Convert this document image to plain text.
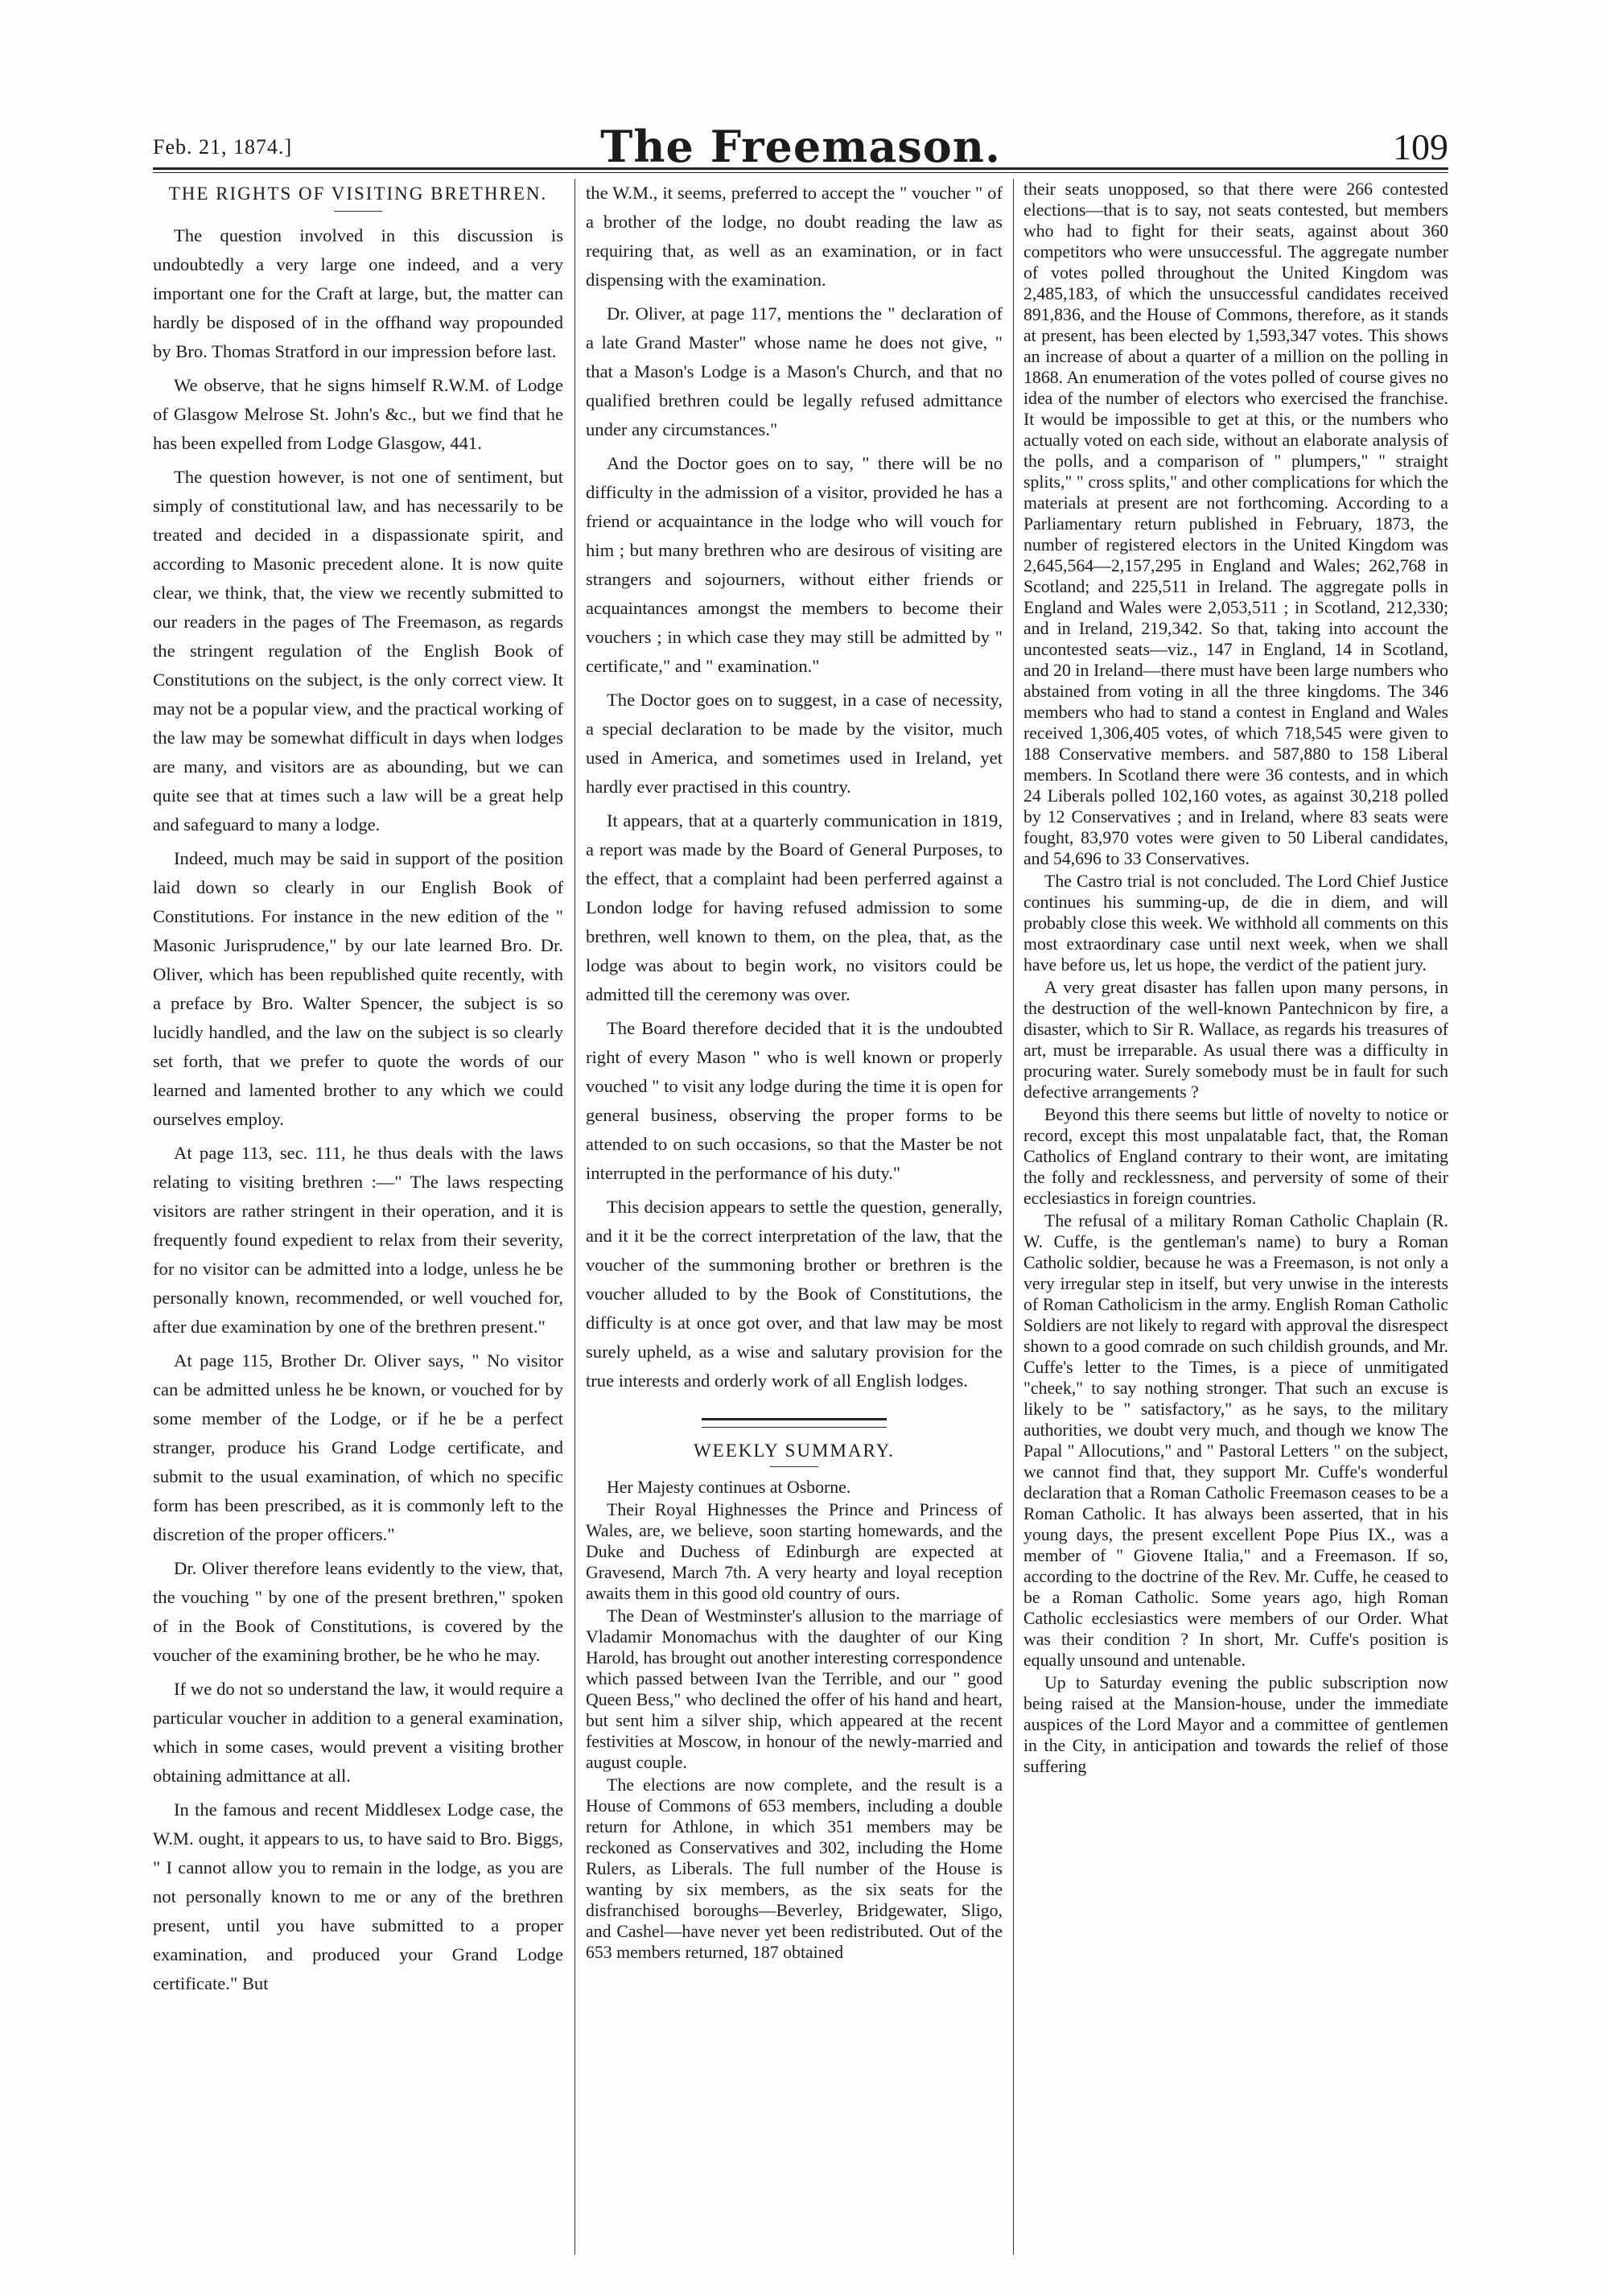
Feb. 21, 1874.]	The Freemason.	109
THE RIGHTS OF VISITING BRETHREN.

The question involved in this discussion is undoubtedly a very large one indeed, and a very important one for the Craft at large, but, the matter can hardly be disposed of in the offhand way propounded by Bro. Thomas Stratford in our impression before last.

We observe, that he signs himself R.W.M. of Lodge of Glasgow Melrose St. John's &c., but we find that he has been expelled from Lodge Glasgow, 441.

The question however, is not one of sentiment, but simply of constitutional law, and has necessarily to be treated and decided in a dispassionate spirit, and according to Masonic precedent alone. It is now quite clear, we think, that, the view we recently submitted to our readers in the pages of The Freemason, as regards the stringent regulation of the English Book of Constitutions on the subject, is the only correct view. It may not be a popular view, and the practical working of the law may be somewhat difficult in days when lodges are many, and visitors are as abounding, but we can quite see that at times such a law will be a great help and safeguard to many a lodge.

Indeed, much may be said in support of the position laid down so clearly in our English Book of Constitutions. For instance in the new edition of the " Masonic Jurisprudence," by our late learned Bro. Dr. Oliver, which has been republished quite recently, with a preface by Bro. Walter Spencer, the subject is so lucidly handled, and the law on the subject is so clearly set forth, that we prefer to quote the words of our learned and lamented brother to any which we could ourselves employ.

At page 113, sec. 111, he thus deals with the laws relating to visiting brethren :—" The laws respecting visitors are rather stringent in their operation, and it is frequently found expedient to relax from their severity, for no visitor can be admitted into a lodge, unless he be personally known, recommended, or well vouched for, after due examination by one of the brethren present."

At page 115, Brother Dr. Oliver says, " No visitor can be admitted unless he be known, or vouched for by some member of the Lodge, or if he be a perfect stranger, produce his Grand Lodge certificate, and submit to the usual examination, of which no specific form has been prescribed, as it is commonly left to the discretion of the proper officers."

Dr. Oliver therefore leans evidently to the view, that, the vouching " by one of the present brethren," spoken of in the Book of Constitutions, is covered by the voucher of the examining brother, be he who he may.

If we do not so understand the law, it would require a particular voucher in addition to a general examination, which in some cases, would prevent a visiting brother obtaining admittance at all.

In the famous and recent Middlesex Lodge case, the W.M. ought, it appears to us, to have said to Bro. Biggs, " I cannot allow you to remain in the lodge, as you are not personally known to me or any of the brethren present, until you have submitted to a proper examination, and produced your Grand Lodge certificate." But

the W.M., it seems, preferred to accept the " voucher " of a brother of the lodge, no doubt reading the law as requiring that, as well as an examination, or in fact dispensing with the examination.

Dr. Oliver, at page 117, mentions the " declaration of a late Grand Master" whose name he does not give, " that a Mason's Lodge is a Mason's Church, and that no qualified brethren could be legally refused admittance under any circumstances."

And the Doctor goes on to say, " there will be no difficulty in the admission of a visitor, provided he has a friend or acquaintance in the lodge who will vouch for him ; but many brethren who are desirous of visiting are strangers and sojourners, without either friends or acquaintances amongst the members to become their vouchers ; in which case they may still be admitted by " certificate," and " examination."

The Doctor goes on to suggest, in a case of necessity, a special declaration to be made by the visitor, much used in America, and sometimes used in Ireland, yet hardly ever practised in this country.

It appears, that at a quarterly communication in 1819, a report was made by the Board of General Purposes, to the effect, that a complaint had been perferred against a London lodge for having refused admission to some brethren, well known to them, on the plea, that, as the lodge was about to begin work, no visitors could be admitted till the ceremony was over.

The Board therefore decided that it is the undoubted right of every Mason " who is well known or properly vouched " to visit any lodge during the time it is open for general business, observing the proper forms to be attended to on such occasions, so that the Master be not interrupted in the performance of his duty."

This decision appears to settle the question, generally, and it it be the correct interpretation of the law, that the voucher of the summoning brother or brethren is the voucher alluded to by the Book of Constitutions, the difficulty is at once got over, and that law may be most surely upheld, as a wise and salutary provision for the true interests and orderly work of all English lodges.

WEEKLY SUMMARY.

Her Majesty continues at Osborne.

Their Royal Highnesses the Prince and Princess of Wales, are, we believe, soon starting homewards, and the Duke and Duchess of Edinburgh are expected at Gravesend, March 7th. A very hearty and loyal reception awaits them in this good old country of ours.

The Dean of Westminster's allusion to the marriage of Vladamir Monomachus with the daughter of our King Harold, has brought out another interesting correspondence which passed between Ivan the Terrible, and our " good Queen Bess," who declined the offer of his hand and heart, but sent him a silver ship, which appeared at the recent festivities at Moscow, in honour of the newly-married and august couple.

The elections are now complete, and the result is a House of Commons of 653 members, including a double return for Athlone, in which 351 members may be reckoned as Conservatives and 302, including the Home Rulers, as Liberals. The full number of the House is wanting by six members, as the six seats for the disfranchised boroughs—Beverley, Bridgewater, Sligo, and Cashel—have never yet been redistributed. Out of the 653 members returned, 187 obtained

their seats unopposed, so that there were 266 contested elections—that is to say, not seats contested, but members who had to fight for their seats, against about 360 competitors who were unsuccessful. The aggregate number of votes polled throughout the United Kingdom was 2,485,183, of which the unsuccessful candidates received 891,836, and the House of Commons, therefore, as it stands at present, has been elected by 1,593,347 votes. This shows an increase of about a quarter of a million on the polling in 1868. An enumeration of the votes polled of course gives no idea of the number of electors who exercised the franchise. It would be impossible to get at this, or the numbers who actually voted on each side, without an elaborate analysis of the polls, and a comparison of " plumpers," " straight splits," " cross splits," and other complications for which the materials at present are not forthcoming. According to a Parliamentary return published in February, 1873, the number of registered electors in the United Kingdom was 2,645,564—2,157,295 in England and Wales; 262,768 in Scotland; and 225,511 in Ireland. The aggregate polls in England and Wales were 2,053,511 ; in Scotland, 212,330; and in Ireland, 219,342. So that, taking into account the uncontested seats—viz., 147 in England, 14 in Scotland, and 20 in Ireland—there must have been large numbers who abstained from voting in all the three kingdoms. The 346 members who had to stand a contest in England and Wales received 1,306,405 votes, of which 718,545 were given to 188 Conservative members. and 587,880 to 158 Liberal members. In Scotland there were 36 contests, and in which 24 Liberals polled 102,160 votes, as against 30,218 polled by 12 Conservatives ; and in Ireland, where 83 seats were fought, 83,970 votes were given to 50 Liberal candidates, and 54,696 to 33 Conservatives.

The Castro trial is not concluded. The Lord Chief Justice continues his summing-up, de die in diem, and will probably close this week. We withhold all comments on this most extraordinary case until next week, when we shall have before us, let us hope, the verdict of the patient jury.

A very great disaster has fallen upon many persons, in the destruction of the well-known Pantechnicon by fire, a disaster, which to Sir R. Wallace, as regards his treasures of art, must be irreparable. As usual there was a difficulty in procuring water. Surely somebody must be in fault for such defective arrangements ?

Beyond this there seems but little of novelty to notice or record, except this most unpalatable fact, that, the Roman Catholics of England contrary to their wont, are imitating the folly and recklessness, and perversity of some of their ecclesiastics in foreign countries.

The refusal of a military Roman Catholic Chaplain (R. W. Cuffe, is the gentleman's name) to bury a Roman Catholic soldier, because he was a Freemason, is not only a very irregular step in itself, but very unwise in the interests of Roman Catholicism in the army. English Roman Catholic Soldiers are not likely to regard with approval the disrespect shown to a good comrade on such childish grounds, and Mr. Cuffe's letter to the Times, is a piece of unmitigated "cheek," to say nothing stronger. That such an excuse is likely to be " satisfactory," as he says, to the military authorities, we doubt very much, and though we know The Papal " Allocutions," and " Pastoral Letters " on the subject, we cannot find that, they support Mr. Cuffe's wonderful declaration that a Roman Catholic Freemason ceases to be a Roman Catholic. It has always been asserted, that in his young days, the present excellent Pope Pius IX., was a member of " Giovene Italia," and a Freemason. If so, according to the doctrine of the Rev. Mr. Cuffe, he ceased to be a Roman Catholic. Some years ago, high Roman Catholic ecclesiastics were members of our Order. What was their condition ? In short, Mr. Cuffe's position is equally unsound and untenable.

Up to Saturday evening the public subscription now being raised at the Mansion-house, under the immediate auspices of the Lord Mayor and a committee of gentlemen in the City, in anticipation and towards the relief of those suffering
